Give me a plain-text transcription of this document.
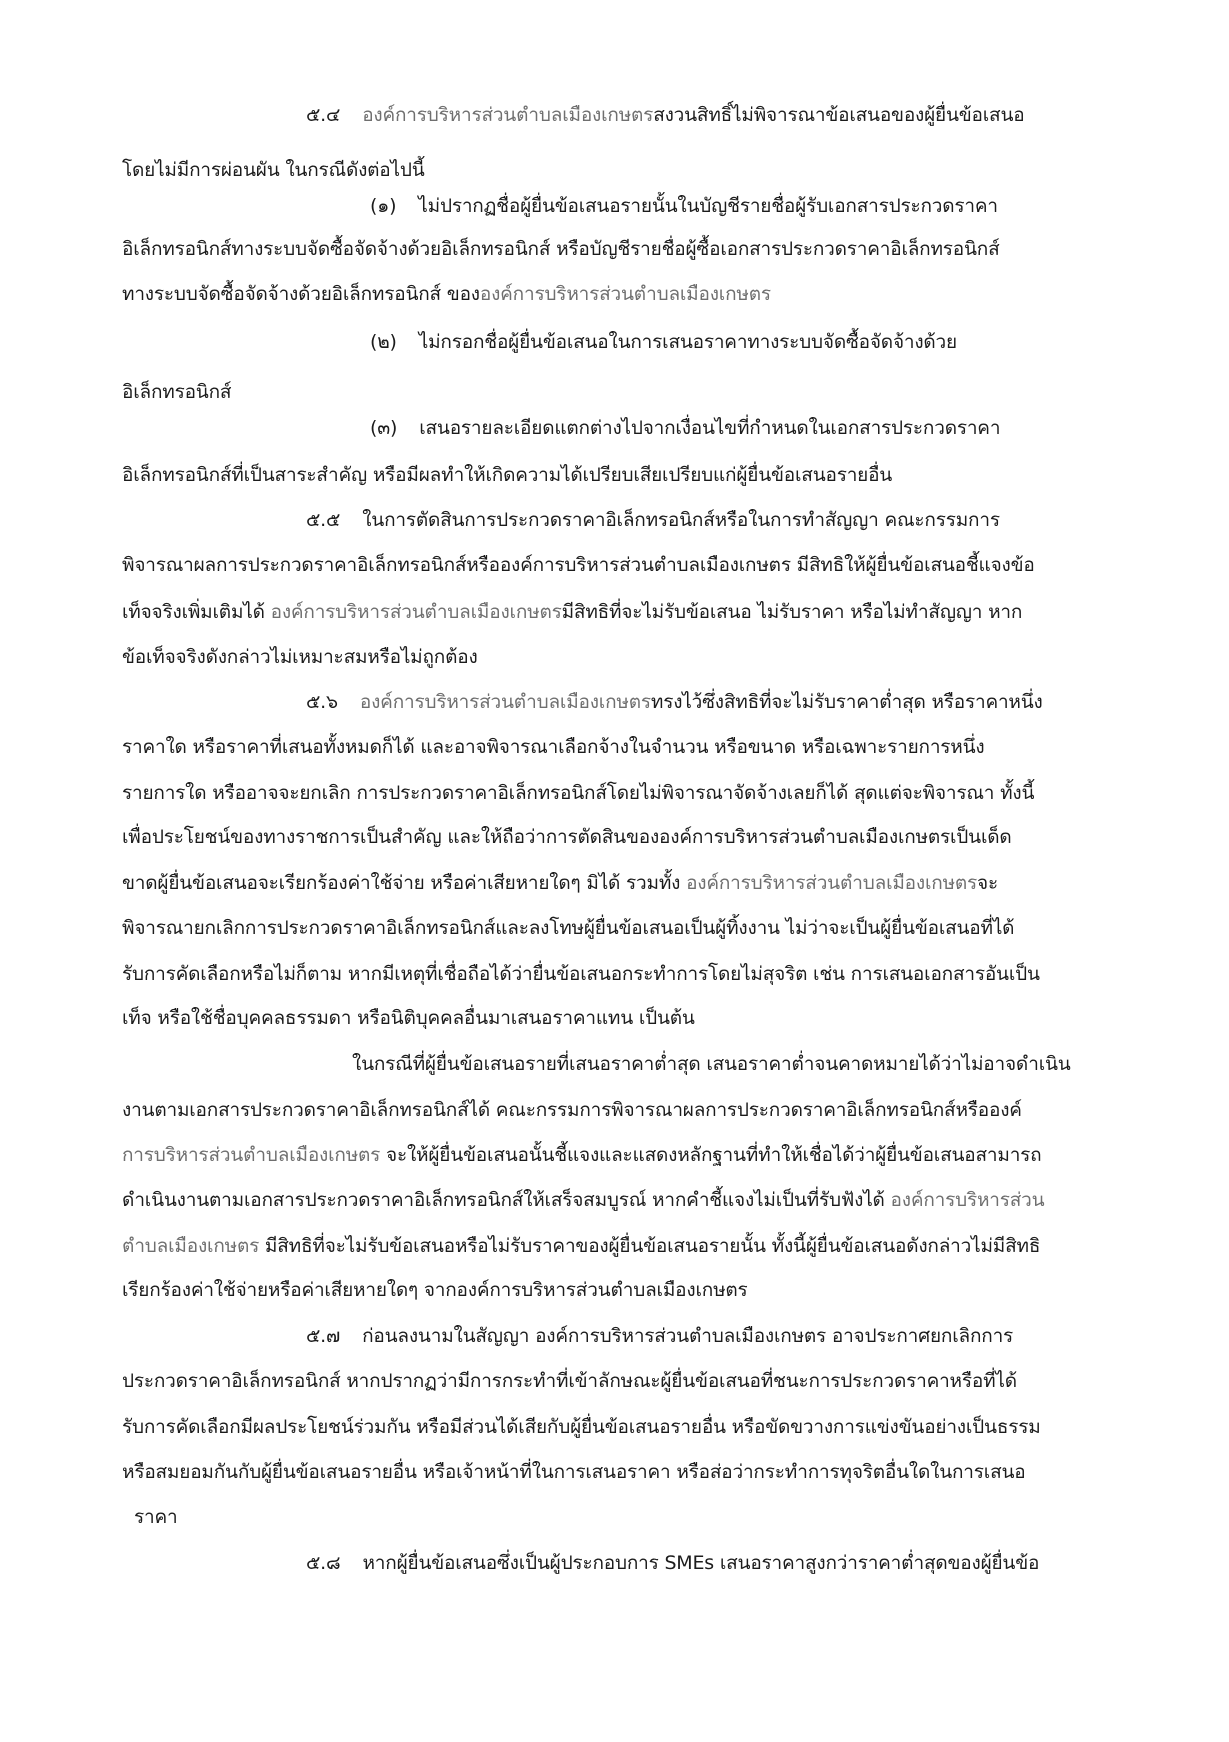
๕.๔ องค์การบริหารส่วนตำบลเมืองเกษตรสงวนสิทธิ์ไม่พิจารณาข้อเสนอของผู้ยื่นข้อเสนอ
โดยไม่มีการผ่อนผัน ในกรณีดังต่อไปนี้
(๑) ไม่ปรากฏชื่อผู้ยื่นข้อเสนอรายนั้นในบัญชีรายชื่อผู้รับเอกสารประกวดราคา
อิเล็กทรอนิกส์ทางระบบจัดซื้อจัดจ้างด้วยอิเล็กทรอนิกส์ หรือบัญชีรายชื่อผู้ซื้อเอกสารประกวดราคาอิเล็กทรอนิกส์
ทางระบบจัดซื้อจัดจ้างด้วยอิเล็กทรอนิกส์ ขององค์การบริหารส่วนตำบลเมืองเกษตร
(๒) ไม่กรอกชื่อผู้ยื่นข้อเสนอในการเสนอราคาทางระบบจัดซื้อจัดจ้างด้วย
อิเล็กทรอนิกส์
(๓) เสนอรายละเอียดแตกต่างไปจากเงื่อนไขที่กำหนดในเอกสารประกวดราคา
อิเล็กทรอนิกส์ที่เป็นสาระสำคัญ หรือมีผลทำให้เกิดความได้เปรียบเสียเปรียบแก่ผู้ยื่นข้อเสนอรายอื่น
๕.๕ ในการตัดสินการประกวดราคาอิเล็กทรอนิกส์หรือในการทำสัญญา คณะกรรมการ
พิจารณาผลการประกวดราคาอิเล็กทรอนิกส์หรือองค์การบริหารส่วนตำบลเมืองเกษตร มีสิทธิให้ผู้ยื่นข้อเสนอชี้แจงข้อ
เท็จจริงเพิ่มเติมได้ องค์การบริหารส่วนตำบลเมืองเกษตรมีสิทธิที่จะไม่รับข้อเสนอ ไม่รับราคา หรือไม่ทำสัญญา หาก
ข้อเท็จจริงดังกล่าวไม่เหมาะสมหรือไม่ถูกต้อง
๕.๖ องค์การบริหารส่วนตำบลเมืองเกษตรทรงไว้ซึ่งสิทธิที่จะไม่รับราคาต่ำสุด หรือราคาหนึ่ง
ราคาใด หรือราคาที่เสนอทั้งหมดก็ได้ และอาจพิจารณาเลือกจ้างในจำนวน หรือขนาด หรือเฉพาะรายการหนึ่ง
รายการใด หรืออาจจะยกเลิก การประกวดราคาอิเล็กทรอนิกส์โดยไม่พิจารณาจัดจ้างเลยก็ได้ สุดแต่จะพิจารณา ทั้งนี้
เพื่อประโยชน์ของทางราชการเป็นสำคัญ และให้ถือว่าการตัดสินขององค์การบริหารส่วนตำบลเมืองเกษตรเป็นเด็ด
ขาดผู้ยื่นข้อเสนอจะเรียกร้องค่าใช้จ่าย หรือค่าเสียหายใดๆ มิได้ รวมทั้ง องค์การบริหารส่วนตำบลเมืองเกษตรจะ
พิจารณายกเลิกการประกวดราคาอิเล็กทรอนิกส์และลงโทษผู้ยื่นข้อเสนอเป็นผู้ทิ้งงาน ไม่ว่าจะเป็นผู้ยื่นข้อเสนอที่ได้
รับการคัดเลือกหรือไม่ก็ตาม หากมีเหตุที่เชื่อถือได้ว่ายื่นข้อเสนอกระทำการโดยไม่สุจริต เช่น การเสนอเอกสารอันเป็น
เท็จ หรือใช้ชื่อบุคคลธรรมดา หรือนิติบุคคลอื่นมาเสนอราคาแทน เป็นต้น
ในกรณีที่ผู้ยื่นข้อเสนอรายที่เสนอราคาต่ำสุด เสนอราคาต่ำจนคาดหมายได้ว่าไม่อาจดำเนิน
งานตามเอกสารประกวดราคาอิเล็กทรอนิกส์ได้ คณะกรรมการพิจารณาผลการประกวดราคาอิเล็กทรอนิกส์หรือองค์
การบริหารส่วนตำบลเมืองเกษตร จะให้ผู้ยื่นข้อเสนอนั้นชี้แจงและแสดงหลักฐานที่ทำให้เชื่อได้ว่าผู้ยื่นข้อเสนอสามารถ
ดำเนินงานตามเอกสารประกวดราคาอิเล็กทรอนิกส์ให้เสร็จสมบูรณ์ หากคำชี้แจงไม่เป็นที่รับฟังได้ องค์การบริหารส่วน
ตำบลเมืองเกษตร มีสิทธิที่จะไม่รับข้อเสนอหรือไม่รับราคาของผู้ยื่นข้อเสนอรายนั้น ทั้งนี้ผู้ยื่นข้อเสนอดังกล่าวไม่มีสิทธิ
เรียกร้องค่าใช้จ่ายหรือค่าเสียหายใดๆ จากองค์การบริหารส่วนตำบลเมืองเกษตร
๕.๗ ก่อนลงนามในสัญญา องค์การบริหารส่วนตำบลเมืองเกษตร อาจประกาศยกเลิกการ
ประกวดราคาอิเล็กทรอนิกส์ หากปรากฏว่ามีการกระทำที่เข้าลักษณะผู้ยื่นข้อเสนอที่ชนะการประกวดราคาหรือที่ได้
รับการคัดเลือกมีผลประโยชน์ร่วมกัน หรือมีส่วนได้เสียกับผู้ยื่นข้อเสนอรายอื่น หรือขัดขวางการแข่งขันอย่างเป็นธรรม
หรือสมยอมกันกับผู้ยื่นข้อเสนอรายอื่น หรือเจ้าหน้าที่ในการเสนอราคา หรือส่อว่ากระทำการทุจริตอื่นใดในการเสนอ
ราคา
๕.๘ หากผู้ยื่นข้อเสนอซึ่งเป็นผู้ประกอบการ SMEs เสนอราคาสูงกว่าราคาต่ำสุดของผู้ยื่นข้อ
